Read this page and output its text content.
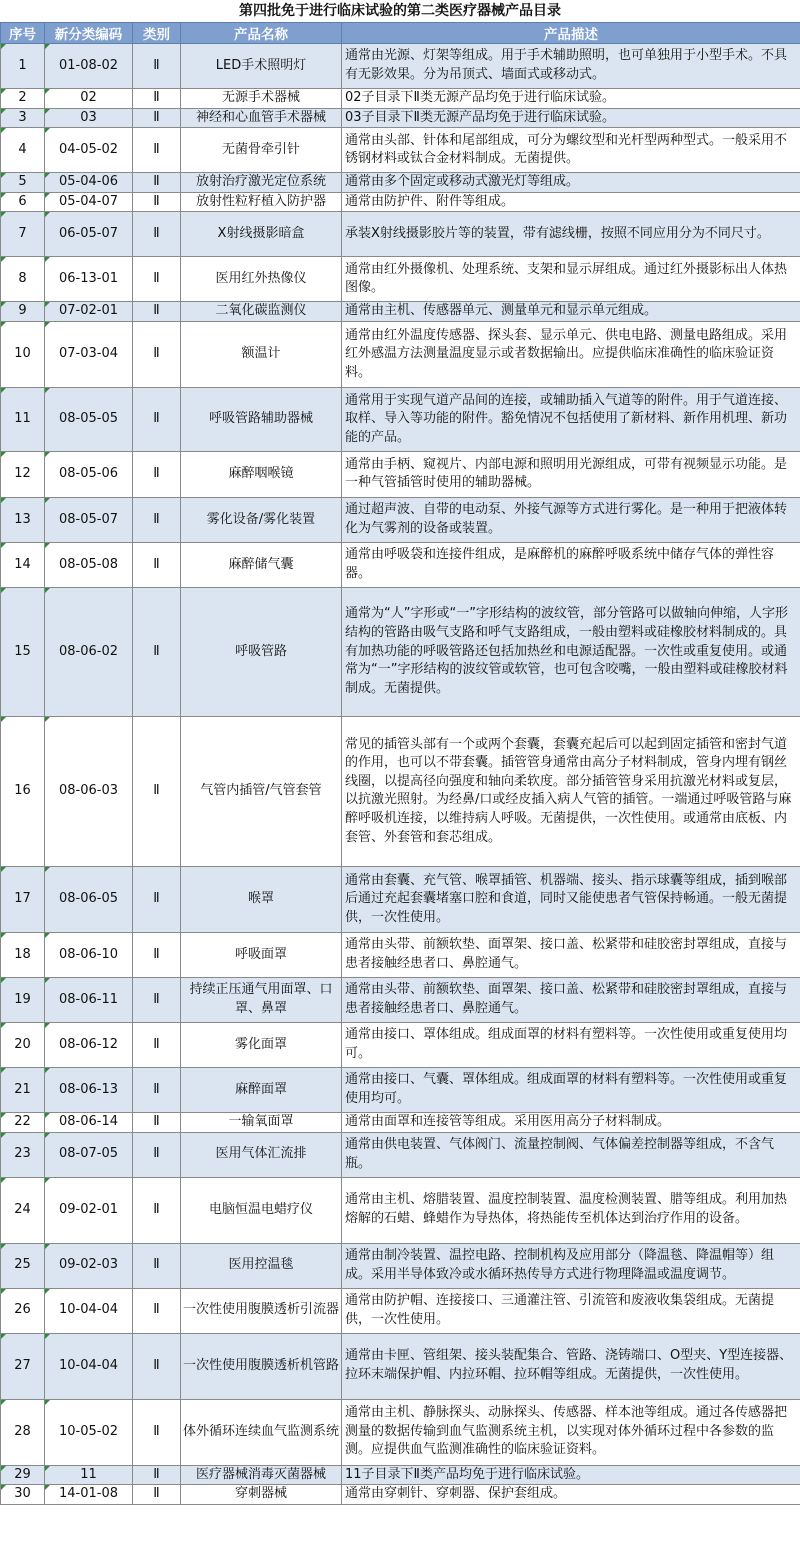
第四批免于进行临床试验的第二类医疗器械产品目录
序号	新分类编码	类别	产品名称	产品描述
1	01-08-02	Ⅱ	LED手术照明灯	通常由光源、灯架等组成。用于手术辅助照明，也可单独用于小型手术。不具有无影效果。分为吊顶式、墙面式或移动式。
2	02	Ⅱ	无源手术器械	02子目录下Ⅱ类无源产品均免于进行临床试验。
3	03	Ⅱ	神经和心血管手术器械	03子目录下Ⅱ类无源产品均免于进行临床试验。
4	04-05-02	Ⅱ	无菌骨牵引针	通常由头部、针体和尾部组成，可分为螺纹型和光杆型两种型式。一般采用不锈钢材料或钛合金材料制成。无菌提供。
5	05-04-06	Ⅱ	放射治疗激光定位系统	通常由多个固定或移动式激光灯等组成。
6	05-04-07	Ⅱ	放射性粒籽植入防护器	通常由防护件、附件等组成。
7	06-05-07	Ⅱ	X射线摄影暗盒	承装X射线摄影胶片等的装置，带有滤线栅，按照不同应用分为不同尺寸。
8	06-13-01	Ⅱ	医用红外热像仪	通常由红外摄像机、处理系统、支架和显示屏组成。通过红外摄影标出人体热图像。
9	07-02-01	Ⅱ	二氧化碳监测仪	通常由主机、传感器单元、测量单元和显示单元组成。
10	07-03-04	Ⅱ	额温计	通常由红外温度传感器、探头套、显示单元、供电电路、测量电路组成。采用红外感温方法测量温度显示或者数据输出。应提供临床准确性的临床验证资料。
11	08-05-05	Ⅱ	呼吸管路辅助器械	通常用于实现气道产品间的连接，或辅助插入气道等的附件。用于气道连接、取样、导入等功能的附件。豁免情况不包括使用了新材料、新作用机理、新功能的产品。
12	08-05-06	Ⅱ	麻醉咽喉镜	通常由手柄、窥视片、内部电源和照明用光源组成，可带有视频显示功能。是一种气管插管时使用的辅助器械。
13	08-05-07	Ⅱ	雾化设备/雾化装置	通过超声波、自带的电动泵、外接气源等方式进行雾化。是一种用于把液体转化为气雾剂的设备或装置。
14	08-05-08	Ⅱ	麻醉储气囊	通常由呼吸袋和连接件组成，是麻醉机的麻醉呼吸系统中储存气体的弹性容器。
15	08-06-02	Ⅱ	呼吸管路	通常为“人”字形或“一”字形结构的波纹管，部分管路可以做轴向伸缩，人字形结构的管路由吸气支路和呼气支路组成，一般由塑料或硅橡胶材料制成的。具有加热功能的呼吸管路还包括加热丝和电源适配器。一次性或重复使用。或通常为“一”字形结构的波纹管或软管，也可包含咬嘴，一般由塑料或硅橡胶材料制成。无菌提供。
16	08-06-03	Ⅱ	气管内插管/气管套管	常见的插管头部有一个或两个套囊，套囊充起后可以起到固定插管和密封气道的作用，也可以不带套囊。插管管身通常由高分子材料制成，管身内埋有钢丝线圈，以提高径向强度和轴向柔软度。部分插管管身采用抗激光材料或复层，以抗激光照射。为经鼻/口或经皮插入病人气管的插管。一端通过呼吸管路与麻醉呼吸机连接，以维持病人呼吸。无菌提供，一次性使用。或通常由底板、内套管、外套管和套芯组成。
17	08-06-05	Ⅱ	喉罩	通常由套囊、充气管、喉罩插管、机器端、接头、指示球囊等组成，插到喉部后通过充起套囊堵塞口腔和食道，同时又能使患者气管保持畅通。一般无菌提供，一次性使用。
18	08-06-10	Ⅱ	呼吸面罩	通常由头带、前额软垫、面罩架、接口盖、松紧带和硅胶密封罩组成，直接与患者接触经患者口、鼻腔通气。
19	08-06-11	Ⅱ	持续正压通气用面罩、口罩、鼻罩	通常由头带、前额软垫、面罩架、接口盖、松紧带和硅胶密封罩组成，直接与患者接触经患者口、鼻腔通气。
20	08-06-12	Ⅱ	雾化面罩	通常由接口、罩体组成。组成面罩的材料有塑料等。一次性使用或重复使用均可。
21	08-06-13	Ⅱ	麻醉面罩	通常由接口、气囊、罩体组成。组成面罩的材料有塑料等。一次性使用或重复使用均可。
22	08-06-14	Ⅱ	一输氧面罩	通常由面罩和连接管等组成。采用医用高分子材料制成。
23	08-07-05	Ⅱ	医用气体汇流排	通常由供电装置、气体阀门、流量控制阀、气体偏差控制器等组成，不含气瓶。
24	09-02-01	Ⅱ	电脑恒温电蜡疗仪	通常由主机、熔腊装置、温度控制装置、温度检测装置、腊等组成。利用加热熔解的石蜡、蜂蜡作为导热体，将热能传至机体达到治疗作用的设备。
25	09-02-03	Ⅱ	医用控温毯	通常由制冷装置、温控电路、控制机构及应用部分（降温毯、降温帽等）组成。采用半导体致冷或水循环热传导方式进行物理降温或温度调节。
26	10-04-04	Ⅱ	一次性使用腹膜透析引流器	通常由防护帽、连接接口、三通灌注管、引流管和废液收集袋组成。无菌提供，一次性使用。
27	10-04-04	Ⅱ	一次性使用腹膜透析机管路	通常由卡匣、管组架、接头装配集合、管路、浇铸端口、O型夹、Y型连接器、拉环末端保护帽、内拉环帽、拉环帽等组成。无菌提供，一次性使用。
28	10-05-02	Ⅱ	体外循环连续血气监测系统	通常由主机、静脉探头、动脉探头、传感器、样本池等组成。通过各传感器把测量的数据传输到血气监测系统主机，以实现对体外循环过程中各参数的监测。应提供血气监测准确性的临床验证资料。
29	11	Ⅱ	医疗器械消毒灭菌器械	11子目录下Ⅱ类产品均免于进行临床试验。
30	14-01-08	Ⅱ	穿刺器械	通常由穿刺针、穿刺器、保护套组成。
